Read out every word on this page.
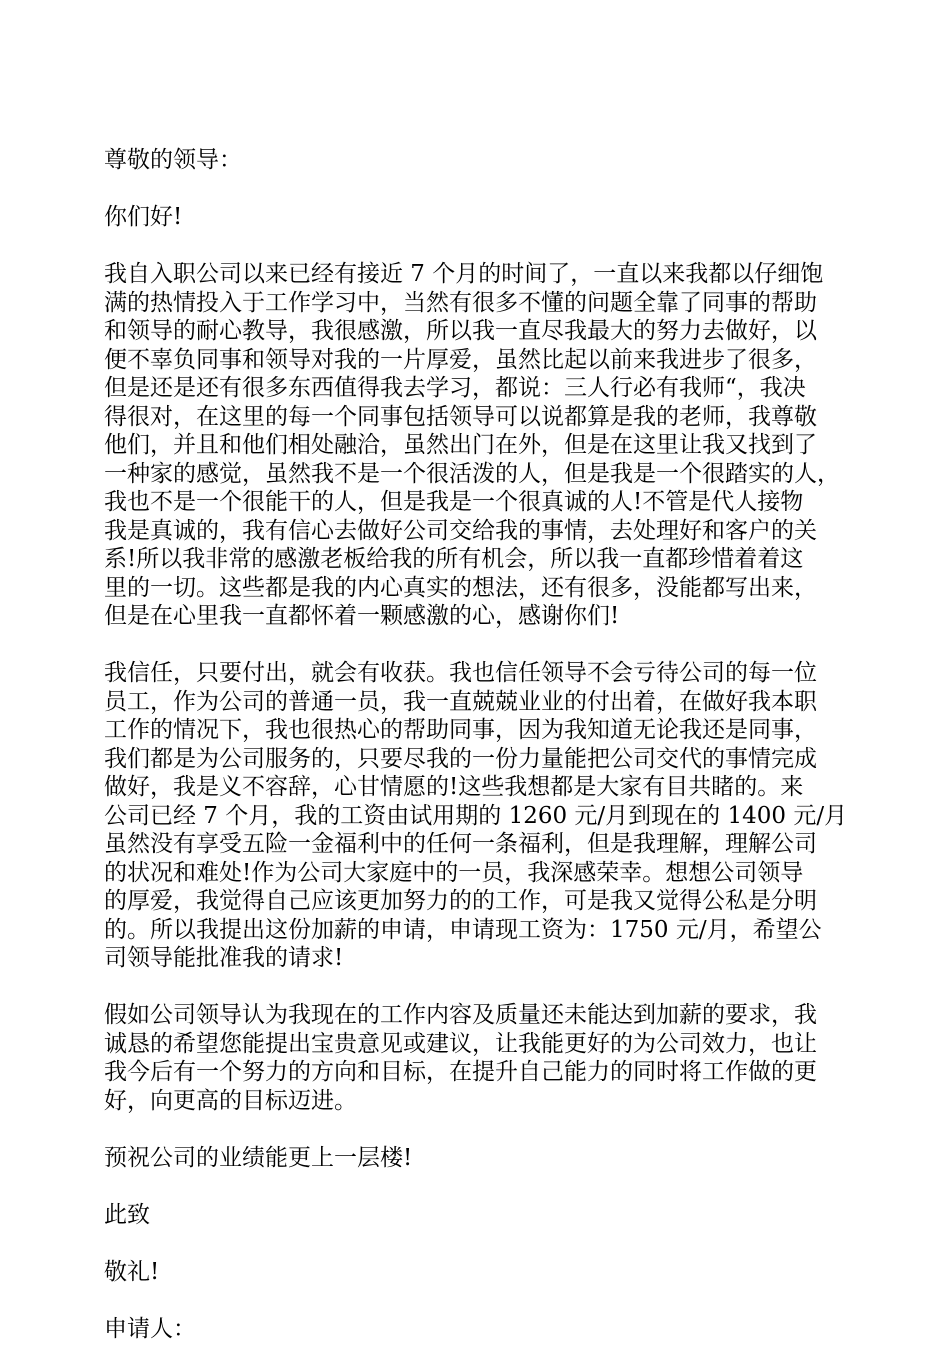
尊敬的领导：

你们好!

我自入职公司以来已经有接近 7 个月的时间了，一直以来我都以仔细饱
满的热情投入于工作学习中，当然有很多不懂的问题全靠了同事的帮助
和领导的耐心教导，我很感激，所以我一直尽我最大的努力去做好，以
便不辜负同事和领导对我的一片厚爱，虽然比起以前来我进步了很多，
但是还是还有很多东西值得我去学习，都说：三人行必有我师“，我决
得很对，在这里的每一个同事包括领导可以说都算是我的老师，我尊敬
他们，并且和他们相处融洽，虽然出门在外，但是在这里让我又找到了
一种家的感觉，虽然我不是一个很活泼的人，但是我是一个很踏实的人，
我也不是一个很能干的人，但是我是一个很真诚的人!不管是代人接物
我是真诚的，我有信心去做好公司交给我的事情，去处理好和客户的关
系!所以我非常的感激老板给我的所有机会，所以我一直都珍惜着着这
里的一切。这些都是我的内心真实的想法，还有很多，没能都写出来，
但是在心里我一直都怀着一颗感激的心，感谢你们!

我信任，只要付出，就会有收获。我也信任领导不会亏待公司的每一位
员工，作为公司的普通一员，我一直兢兢业业的付出着，在做好我本职
工作的情况下，我也很热心的帮助同事，因为我知道无论我还是同事，
我们都是为公司服务的，只要尽我的一份力量能把公司交代的事情完成
做好，我是义不容辞，心甘情愿的!这些我想都是大家有目共睹的。来
公司已经 7 个月，我的工资由试用期的 1260 元/月到现在的 1400 元/月
虽然没有享受五险一金福利中的任何一条福利，但是我理解，理解公司
的状况和难处!作为公司大家庭中的一员，我深感荣幸。想想公司领导
的厚爱，我觉得自己应该更加努力的的工作，可是我又觉得公私是分明
的。所以我提出这份加薪的申请，申请现工资为：1750 元/月，希望公
司领导能批准我的请求!

假如公司领导认为我现在的工作内容及质量还未能达到加薪的要求，我
诚恳的希望您能提出宝贵意见或建议，让我能更好的为公司效力，也让
我今后有一个努力的方向和目标，在提升自己能力的同时将工作做的更
好，向更高的目标迈进。

预祝公司的业绩能更上一层楼!

此致

敬礼!

申请人：
